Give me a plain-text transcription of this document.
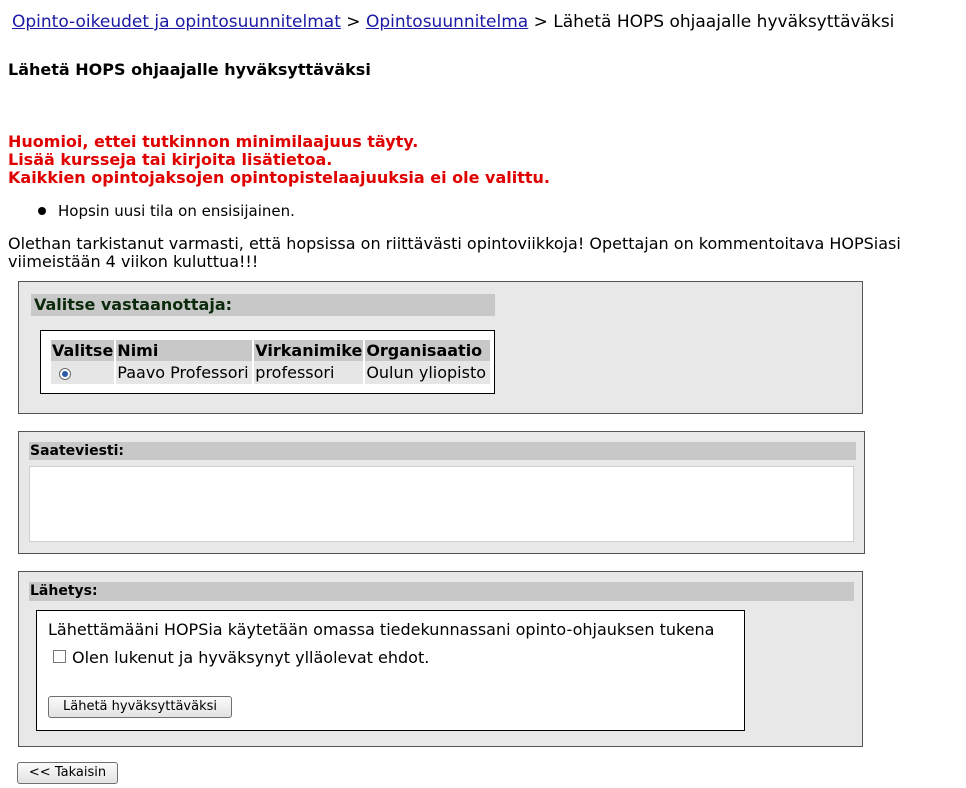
Opinto-oikeudet ja opintosuunnitelmat > Opintosuunnitelma > Lähetä HOPS ohjaajalle hyväksyttäväksi
Lähetä HOPS ohjaajalle hyväksyttäväksi
Huomioi, ettei tutkinnon minimilaajuus täyty.
Lisää kursseja tai kirjoita lisätietoa.
Kaikkien opintojaksojen opintopistelaajuuksia ei ole valittu.
Hopsin uusi tila on ensisijainen.
Olethan tarkistanut varmasti, että hopsissa on riittävästi opintoviikkoja! Opettajan on kommentoitava HOPSiasi viimeistään 4 viikon kuluttua!!!
Valitse vastaanottaja:
Valitse	Nimi	Virkanimike	Organisaatio
	Paavo Professori	professori	Oulun yliopisto
Saateviesti:
Lähetys:
Lähettämääni HOPSia käytetään omassa tiedekunnassani opinto-ohjauksen tukena
Olen lukenut ja hyväksynyt ylläolevat ehdot.
Lähetä hyväksyttäväksi
<< Takaisin
